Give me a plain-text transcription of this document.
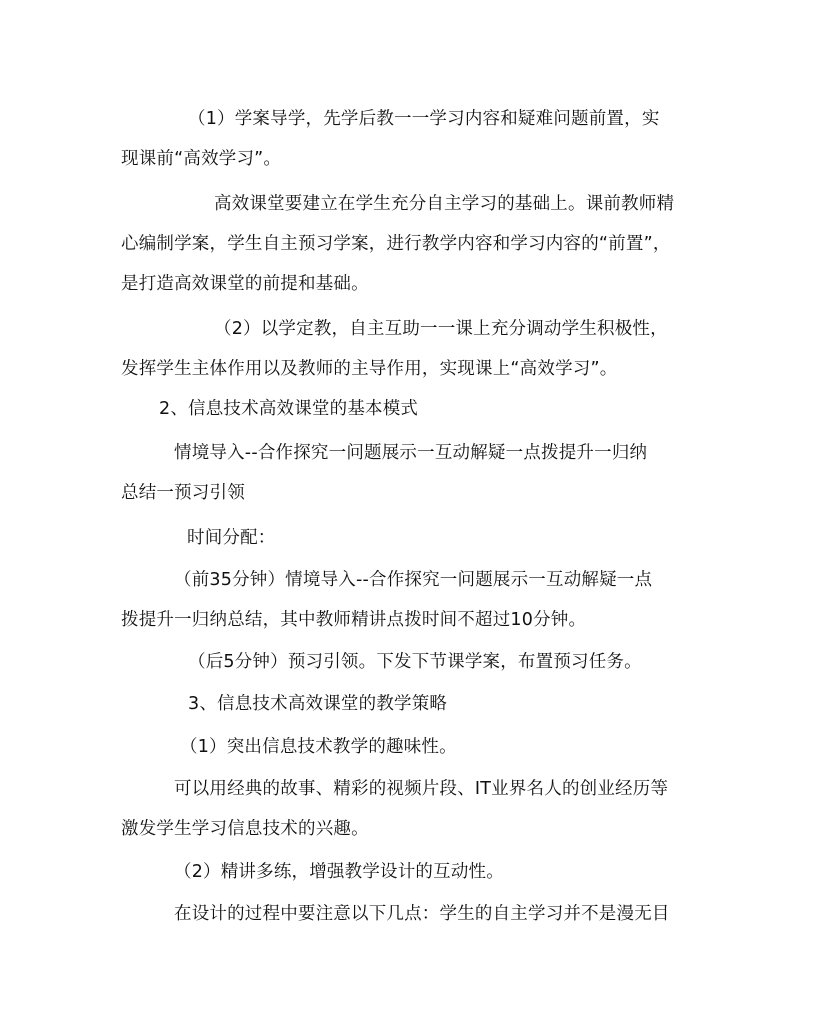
（1）学案导学，先学后教一一学习内容和疑难问题前置，实
现课前“高效学习”。
高效课堂要建立在学生充分自主学习的基础上。课前教师精
心编制学案，学生自主预习学案，进行教学内容和学习内容的“前置”，
是打造高效课堂的前提和基础。
（2）以学定教，自主互助一一课上充分调动学生积极性，
发挥学生主体作用以及教师的主导作用，实现课上“高效学习”。
2、信息技术高效课堂的基本模式
情境导入--合作探究一问题展示一互动解疑一点拨提升一归纳
总结一预习引领
时间分配：
（前35分钟）情境导入--合作探究一问题展示一互动解疑一点
拨提升一归纳总结，其中教师精讲点拨时间不超过10分钟。
（后5分钟）预习引领。下发下节课学案，布置预习任务。
3、信息技术高效课堂的教学策略
（1）突出信息技术教学的趣味性。
可以用经典的故事、精彩的视频片段、IT业界名人的创业经历等
激发学生学习信息技术的兴趣。
（2）精讲多练，增强教学设计的互动性。
在设计的过程中要注意以下几点：学生的自主学习并不是漫无目
